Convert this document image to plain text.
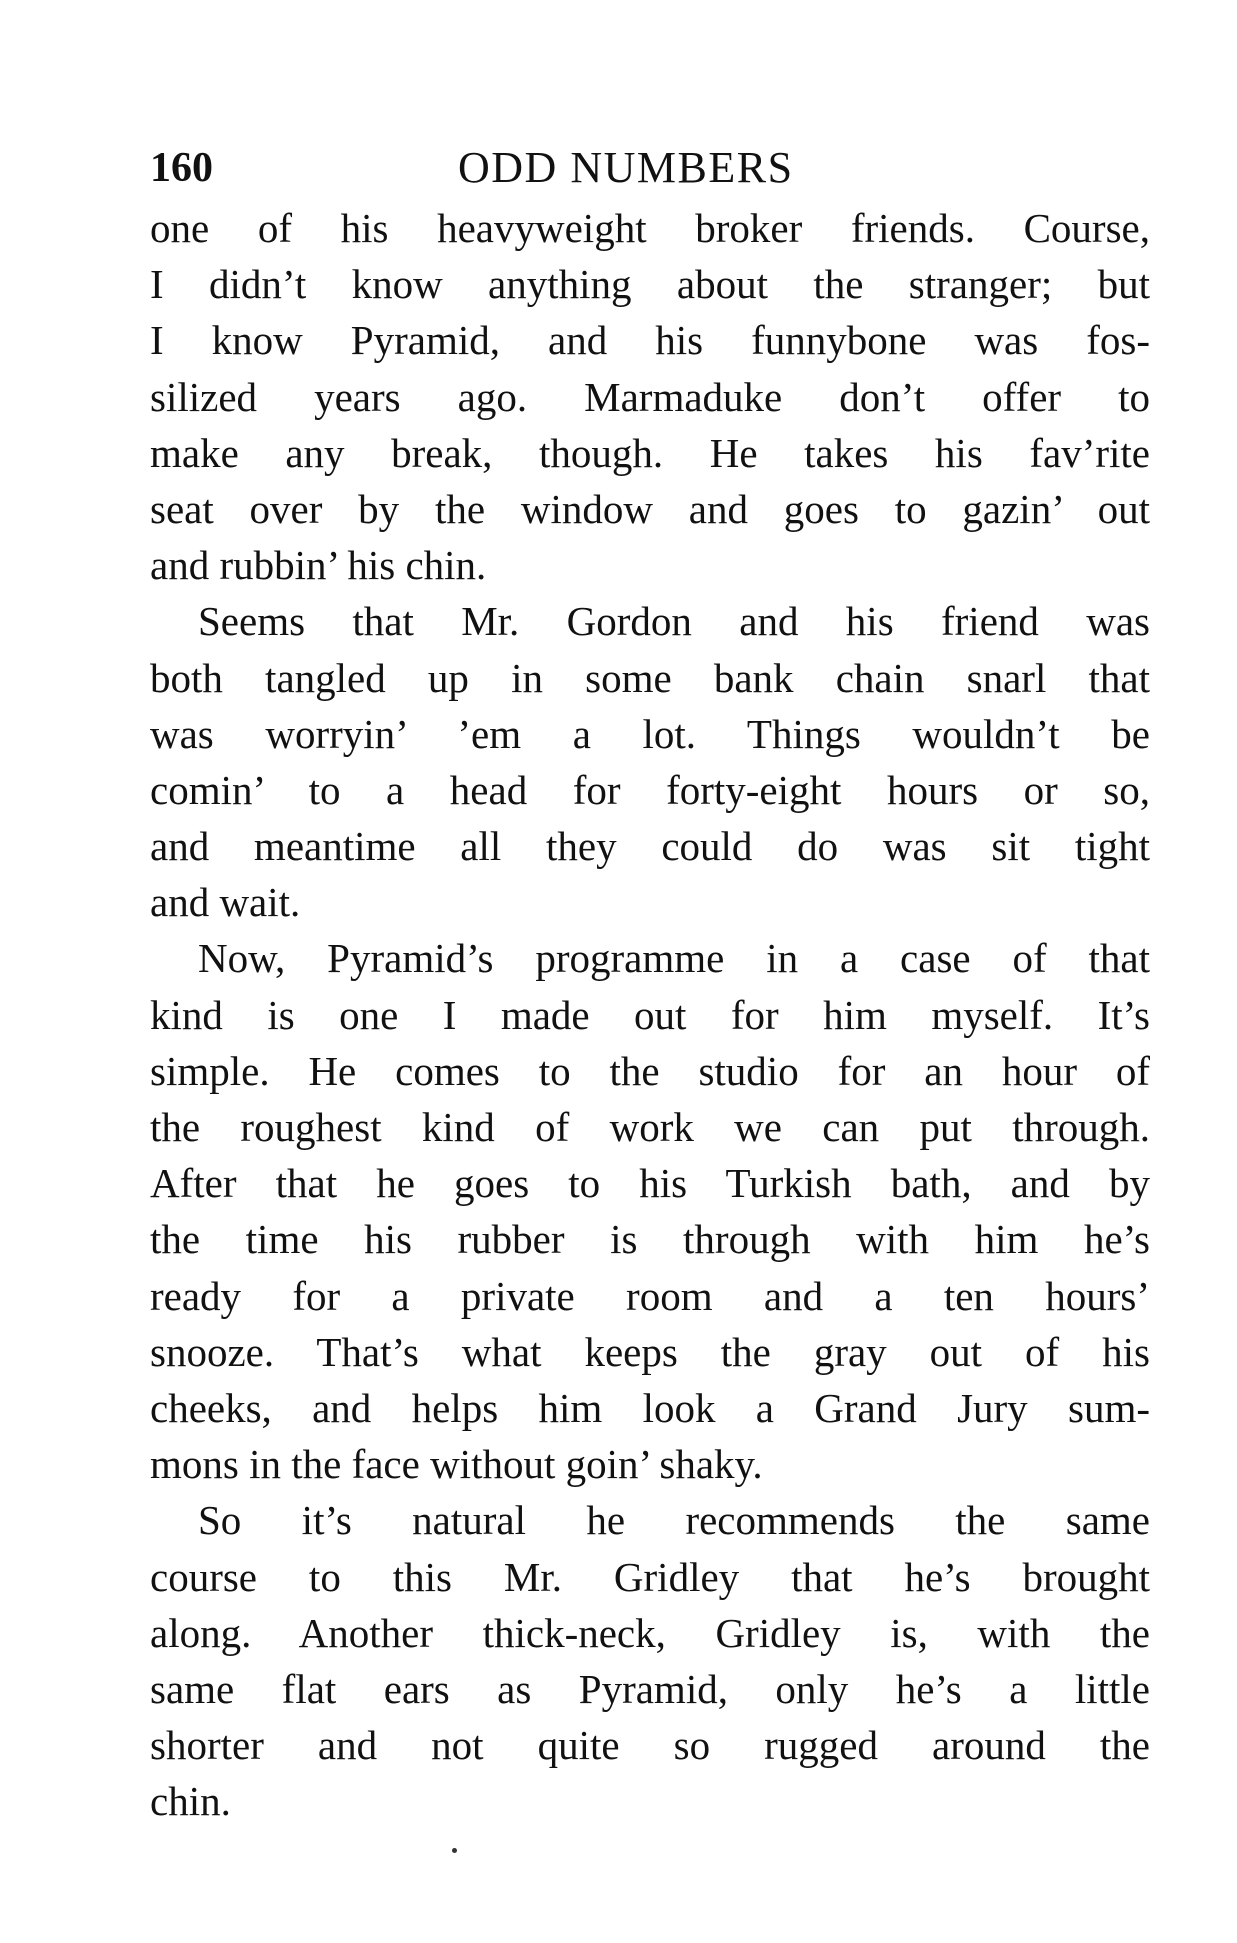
160	ODD NUMBERS
one of his heavyweight broker friends. Course,
I didn’t know anything about the stranger; but
I know Pyramid, and his funnybone was fos-
silized years ago. Marmaduke don’t offer to
make any break, though. He takes his fav’rite
seat over by the window and goes to gazin’ out
and rubbin’ his chin.
Seems that Mr. Gordon and his friend was
both tangled up in some bank chain snarl that
was worryin’ ’em a lot. Things wouldn’t be
comin’ to a head for forty-eight hours or so,
and meantime all they could do was sit tight
and wait.
Now, Pyramid’s programme in a case of that
kind is one I made out for him myself. It’s
simple. He comes to the studio for an hour of
the roughest kind of work we can put through.
After that he goes to his Turkish bath, and by
the time his rubber is through with him he’s
ready for a private room and a ten hours’
snooze. That’s what keeps the gray out of his
cheeks, and helps him look a Grand Jury sum-
mons in the face without goin’ shaky.
So it’s natural he recommends the same
course to this Mr. Gridley that he’s brought
along. Another thick-neck, Gridley is, with the
same flat ears as Pyramid, only he’s a little
shorter and not quite so rugged around the
chin.
